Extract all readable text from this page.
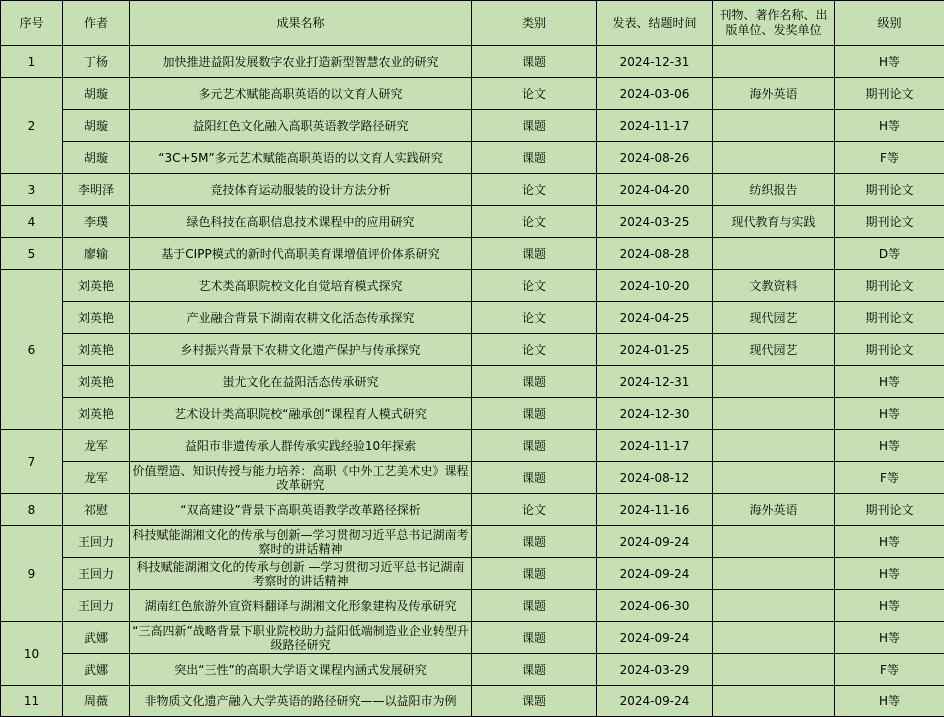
序号	作者	成果名称	类别	发表、结题时间	刊物、著作名称、出版单位、发奖单位	级别
1	丁杨	加快推进益阳发展数字农业打造新型智慧农业的研究	课题	2024-12-31		H等
2	胡璇	多元艺术赋能高职英语的以文育人研究	论文	2024-03-06	海外英语	期刊论文
	胡璇	益阳红色文化融入高职英语教学路径研究	课题	2024-11-17		H等
	胡璇	“3C+5M”多元艺术赋能高职英语的以文育人实践研究	课题	2024-08-26		F等
3	李明泽	竞技体育运动服装的设计方法分析	论文	2024-04-20	纺织报告	期刊论文
4	李璞	绿色科技在高职信息技术课程中的应用研究	论文	2024-03-25	现代教育与实践	期刊论文
5	廖输	基于CIPP模式的新时代高职美育课增值评价体系研究	课题	2024-08-28		D等
6	刘英艳	艺术类高职院校文化自觉培育模式探究	论文	2024-10-20	文教资料	期刊论文
	刘英艳	产业融合背景下湖南农耕文化活态传承探究	论文	2024-04-25	现代园艺	期刊论文
	刘英艳	乡村振兴背景下农耕文化遗产保护与传承探究	论文	2024-01-25	现代园艺	期刊论文
	刘英艳	蚩尤文化在益阳活态传承研究	课题	2024-12-31		H等
	刘英艳	艺术设计类高职院校“融承创”课程育人模式研究	课题	2024-12-30		H等
7	龙军	益阳市非遗传承人群传承实践经验10年探索	课题	2024-11-17		H等
	龙军	价值塑造、知识传授与能力培养：高职《中外工艺美术史》课程改革研究	课题	2024-08-12		F等
8	祁慰	“双高建设”背景下高职英语教学改革路径探析	论文	2024-11-16	海外英语	期刊论文
9	王回力	科技赋能湖湘文化的传承与创新—学习贯彻习近平总书记湖南考察时的讲话精神	课题	2024-09-24		H等
	王回力	科技赋能湖湘文化的传承与创新 —学习贯彻习近平总书记湖南考察时的讲话精神	课题	2024-09-24		H等
	王回力	湖南红色旅游外宣资料翻译与湖湘文化形象建构及传承研究	课题	2024-06-30		H等
10	武娜	“三高四新”战略背景下职业院校助力益阳低端制造业企业转型升级路径研究	课题	2024-09-24		H等
	武娜	突出“三性”的高职大学语文课程内涵式发展研究	课题	2024-03-29		F等
11	周薇	非物质文化遗产融入大学英语的路径研究——以益阳市为例	课题	2024-09-24		H等
